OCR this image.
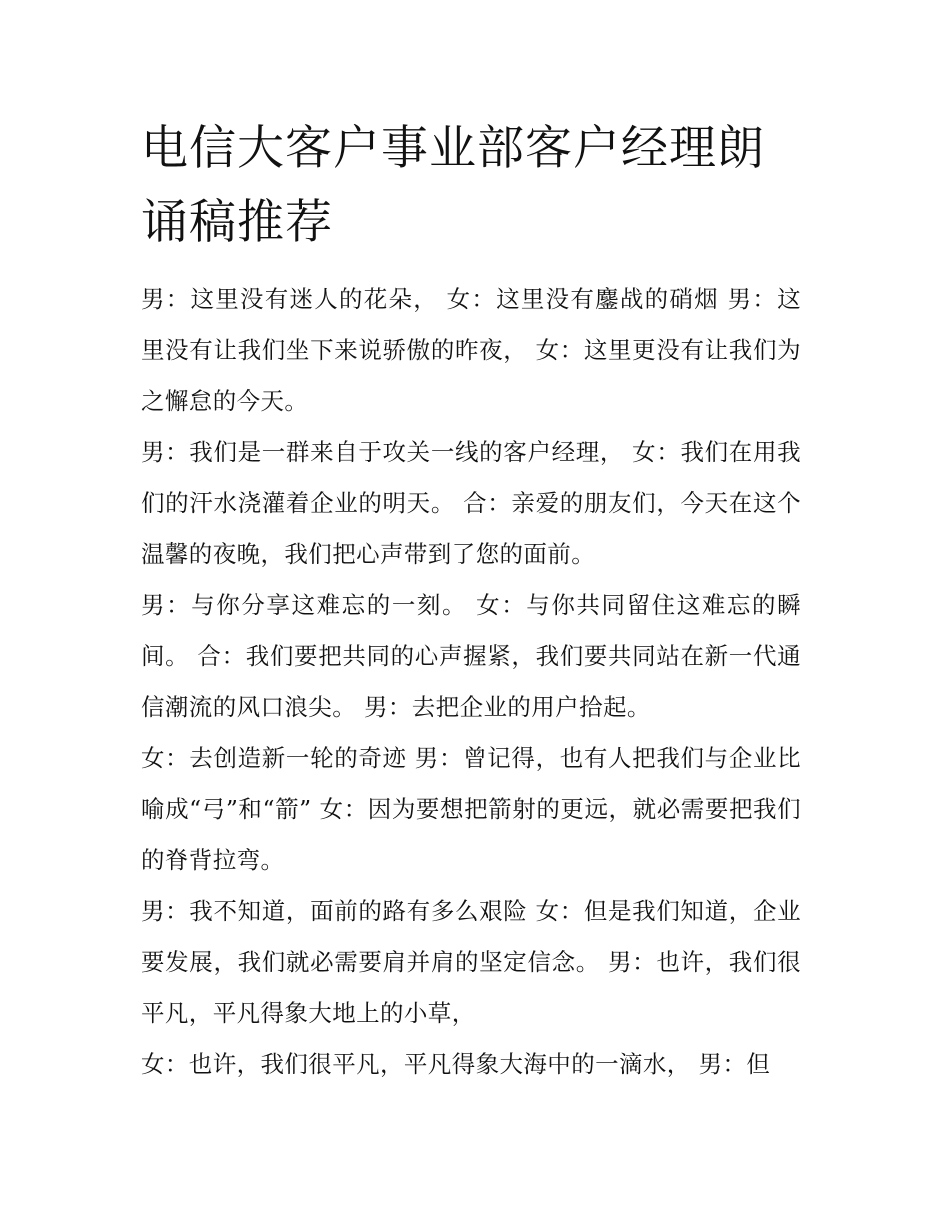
电信大客户事业部客户经理朗诵稿推荐

男：这里没有迷人的花朵， 女：这里没有鏖战的硝烟 男：这里没有让我们坐下来说骄傲的昨夜， 女：这里更没有让我们为之懈怠的今天。

男：我们是一群来自于攻关一线的客户经理， 女：我们在用我们的汗水浇灌着企业的明天。 合：亲爱的朋友们，今天在这个温馨的夜晚，我们把心声带到了您的面前。

男：与你分享这难忘的一刻。 女：与你共同留住这难忘的瞬间。 合：我们要把共同的心声握紧，我们要共同站在新一代通信潮流的风口浪尖。 男：去把企业的用户拾起。

女：去创造新一轮的奇迹 男：曾记得，也有人把我们与企业比喻成“弓”和“箭” 女：因为要想把箭射的更远，就必需要把我们的脊背拉弯。

男：我不知道，面前的路有多么艰险 女：但是我们知道，企业要发展，我们就必需要肩并肩的坚定信念。 男：也许，我们很平凡，平凡得象大地上的小草，

女：也许，我们很平凡，平凡得象大海中的一滴水， 男：但
